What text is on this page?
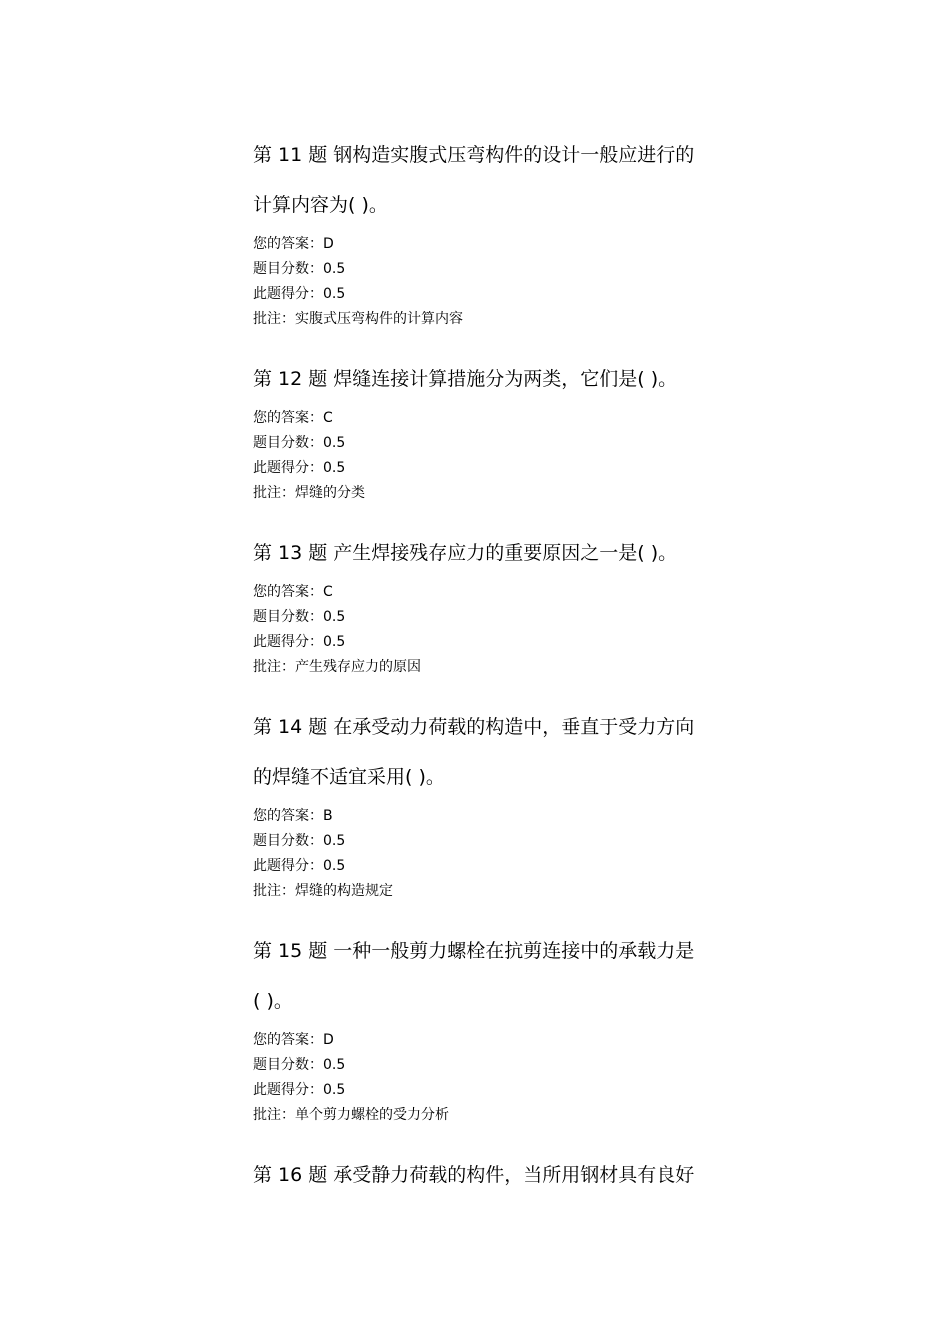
第 11 题 钢构造实腹式压弯构件的设计一般应进行的

计算内容为( )。

您的答案：D

题目分数：0.5

此题得分：0.5

批注：实腹式压弯构件的计算内容

第 12 题 焊缝连接计算措施分为两类，它们是( )。

您的答案：C

题目分数：0.5

此题得分：0.5

批注：焊缝的分类

第 13 题 产生焊接残存应力的重要原因之一是( )。

您的答案：C

题目分数：0.5

此题得分：0.5

批注：产生残存应力的原因

第 14 题 在承受动力荷载的构造中，垂直于受力方向

的焊缝不适宜采用( )。

您的答案：B

题目分数：0.5

此题得分：0.5

批注：焊缝的构造规定

第 15 题 一种一般剪力螺栓在抗剪连接中的承载力是

( )。

您的答案：D

题目分数：0.5

此题得分：0.5

批注：单个剪力螺栓的受力分析

第 16 题 承受静力荷载的构件，当所用钢材具有良好
